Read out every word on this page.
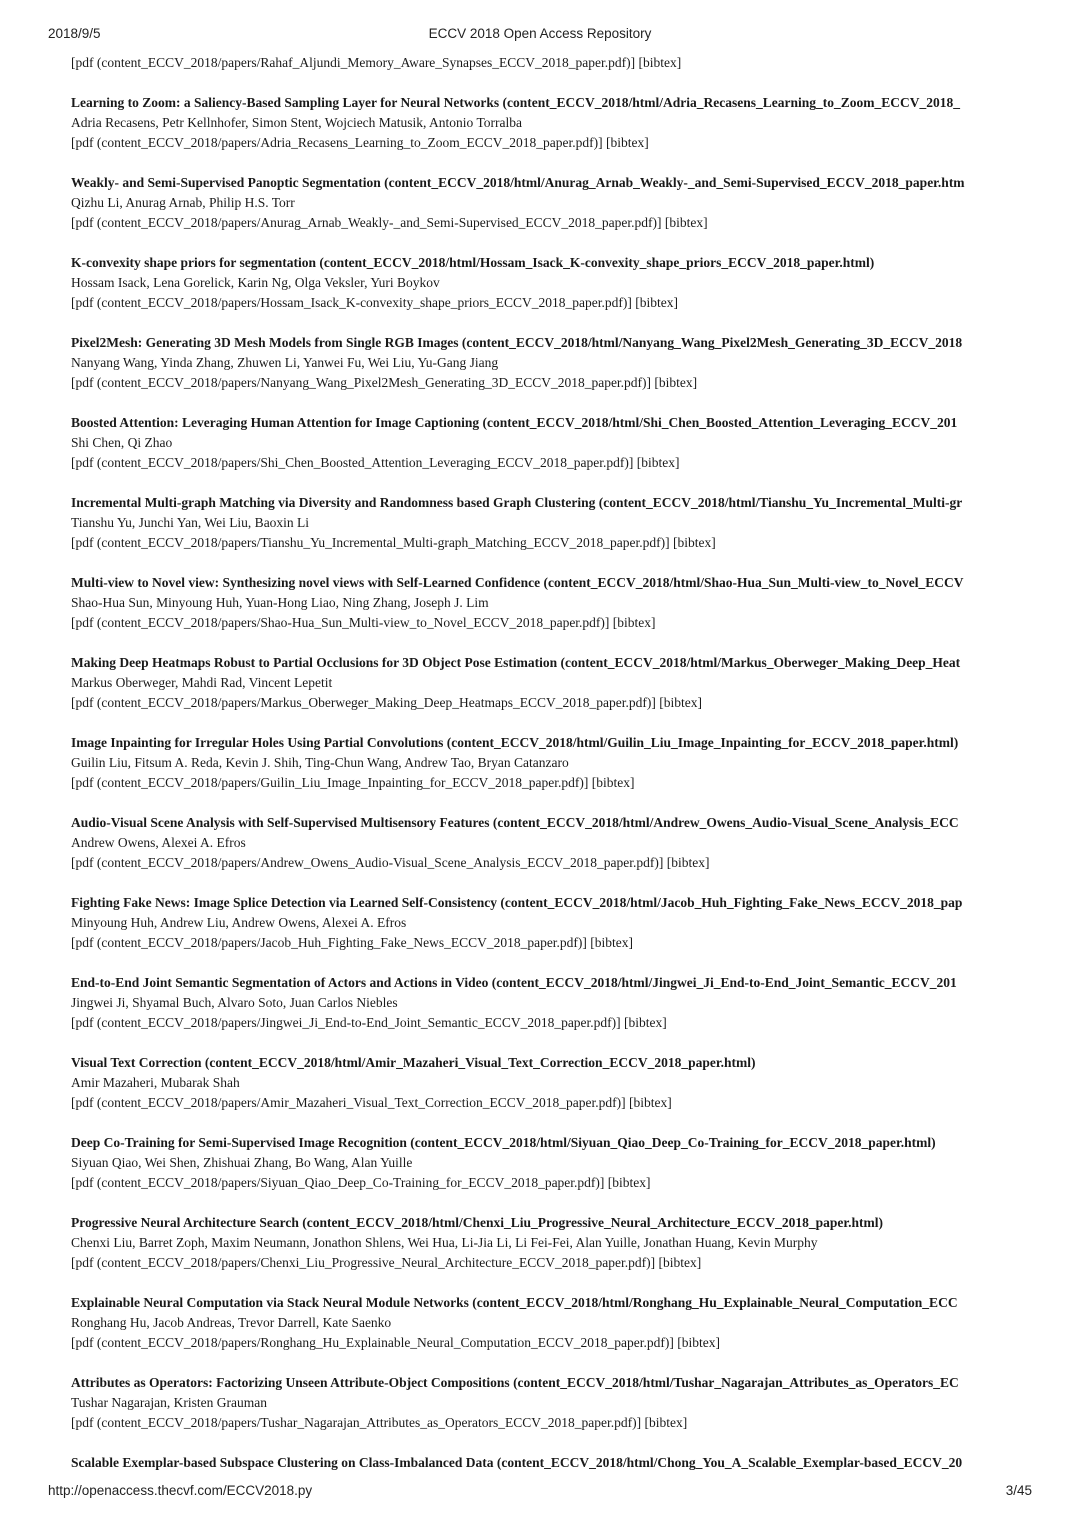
2018/9/5	ECCV 2018 Open Access Repository
[pdf (content_ECCV_2018/papers/Rahaf_Aljundi_Memory_Aware_Synapses_ECCV_2018_paper.pdf)] [bibtex]
Learning to Zoom: a Saliency-Based Sampling Layer for Neural Networks (content_ECCV_2018/html/Adria_Recasens_Learning_to_Zoom_ECCV_2018_
Adria Recasens, Petr Kellnhofer, Simon Stent, Wojciech Matusik, Antonio Torralba
[pdf (content_ECCV_2018/papers/Adria_Recasens_Learning_to_Zoom_ECCV_2018_paper.pdf)] [bibtex]
Weakly- and Semi-Supervised Panoptic Segmentation (content_ECCV_2018/html/Anurag_Arnab_Weakly-_and_Semi-Supervised_ECCV_2018_paper.htm
Qizhu Li, Anurag Arnab, Philip H.S. Torr
[pdf (content_ECCV_2018/papers/Anurag_Arnab_Weakly-_and_Semi-Supervised_ECCV_2018_paper.pdf)] [bibtex]
K-convexity shape priors for segmentation (content_ECCV_2018/html/Hossam_Isack_K-convexity_shape_priors_ECCV_2018_paper.html)
Hossam Isack, Lena Gorelick, Karin Ng, Olga Veksler, Yuri Boykov
[pdf (content_ECCV_2018/papers/Hossam_Isack_K-convexity_shape_priors_ECCV_2018_paper.pdf)] [bibtex]
Pixel2Mesh: Generating 3D Mesh Models from Single RGB Images (content_ECCV_2018/html/Nanyang_Wang_Pixel2Mesh_Generating_3D_ECCV_2018
Nanyang Wang, Yinda Zhang, Zhuwen Li, Yanwei Fu, Wei Liu, Yu-Gang Jiang
[pdf (content_ECCV_2018/papers/Nanyang_Wang_Pixel2Mesh_Generating_3D_ECCV_2018_paper.pdf)] [bibtex]
Boosted Attention: Leveraging Human Attention for Image Captioning (content_ECCV_2018/html/Shi_Chen_Boosted_Attention_Leveraging_ECCV_201
Shi Chen, Qi Zhao
[pdf (content_ECCV_2018/papers/Shi_Chen_Boosted_Attention_Leveraging_ECCV_2018_paper.pdf)] [bibtex]
Incremental Multi-graph Matching via Diversity and Randomness based Graph Clustering (content_ECCV_2018/html/Tianshu_Yu_Incremental_Multi-gr
Tianshu Yu, Junchi Yan, Wei Liu, Baoxin Li
[pdf (content_ECCV_2018/papers/Tianshu_Yu_Incremental_Multi-graph_Matching_ECCV_2018_paper.pdf)] [bibtex]
Multi-view to Novel view: Synthesizing novel views with Self-Learned Confidence (content_ECCV_2018/html/Shao-Hua_Sun_Multi-view_to_Novel_ECCV
Shao-Hua Sun, Minyoung Huh, Yuan-Hong Liao, Ning Zhang, Joseph J. Lim
[pdf (content_ECCV_2018/papers/Shao-Hua_Sun_Multi-view_to_Novel_ECCV_2018_paper.pdf)] [bibtex]
Making Deep Heatmaps Robust to Partial Occlusions for 3D Object Pose Estimation (content_ECCV_2018/html/Markus_Oberweger_Making_Deep_Heat
Markus Oberweger, Mahdi Rad, Vincent Lepetit
[pdf (content_ECCV_2018/papers/Markus_Oberweger_Making_Deep_Heatmaps_ECCV_2018_paper.pdf)] [bibtex]
Image Inpainting for Irregular Holes Using Partial Convolutions (content_ECCV_2018/html/Guilin_Liu_Image_Inpainting_for_ECCV_2018_paper.html)
Guilin Liu, Fitsum A. Reda, Kevin J. Shih, Ting-Chun Wang, Andrew Tao, Bryan Catanzaro
[pdf (content_ECCV_2018/papers/Guilin_Liu_Image_Inpainting_for_ECCV_2018_paper.pdf)] [bibtex]
Audio-Visual Scene Analysis with Self-Supervised Multisensory Features (content_ECCV_2018/html/Andrew_Owens_Audio-Visual_Scene_Analysis_ECC
Andrew Owens, Alexei A. Efros
[pdf (content_ECCV_2018/papers/Andrew_Owens_Audio-Visual_Scene_Analysis_ECCV_2018_paper.pdf)] [bibtex]
Fighting Fake News: Image Splice Detection via Learned Self-Consistency (content_ECCV_2018/html/Jacob_Huh_Fighting_Fake_News_ECCV_2018_pap
Minyoung Huh, Andrew Liu, Andrew Owens, Alexei A. Efros
[pdf (content_ECCV_2018/papers/Jacob_Huh_Fighting_Fake_News_ECCV_2018_paper.pdf)] [bibtex]
End-to-End Joint Semantic Segmentation of Actors and Actions in Video (content_ECCV_2018/html/Jingwei_Ji_End-to-End_Joint_Semantic_ECCV_201
Jingwei Ji, Shyamal Buch, Alvaro Soto, Juan Carlos Niebles
[pdf (content_ECCV_2018/papers/Jingwei_Ji_End-to-End_Joint_Semantic_ECCV_2018_paper.pdf)] [bibtex]
Visual Text Correction (content_ECCV_2018/html/Amir_Mazaheri_Visual_Text_Correction_ECCV_2018_paper.html)
Amir Mazaheri, Mubarak Shah
[pdf (content_ECCV_2018/papers/Amir_Mazaheri_Visual_Text_Correction_ECCV_2018_paper.pdf)] [bibtex]
Deep Co-Training for Semi-Supervised Image Recognition (content_ECCV_2018/html/Siyuan_Qiao_Deep_Co-Training_for_ECCV_2018_paper.html)
Siyuan Qiao, Wei Shen, Zhishuai Zhang, Bo Wang, Alan Yuille
[pdf (content_ECCV_2018/papers/Siyuan_Qiao_Deep_Co-Training_for_ECCV_2018_paper.pdf)] [bibtex]
Progressive Neural Architecture Search (content_ECCV_2018/html/Chenxi_Liu_Progressive_Neural_Architecture_ECCV_2018_paper.html)
Chenxi Liu, Barret Zoph, Maxim Neumann, Jonathon Shlens, Wei Hua, Li-Jia Li, Li Fei-Fei, Alan Yuille, Jonathan Huang, Kevin Murphy
[pdf (content_ECCV_2018/papers/Chenxi_Liu_Progressive_Neural_Architecture_ECCV_2018_paper.pdf)] [bibtex]
Explainable Neural Computation via Stack Neural Module Networks (content_ECCV_2018/html/Ronghang_Hu_Explainable_Neural_Computation_ECC
Ronghang Hu, Jacob Andreas, Trevor Darrell, Kate Saenko
[pdf (content_ECCV_2018/papers/Ronghang_Hu_Explainable_Neural_Computation_ECCV_2018_paper.pdf)] [bibtex]
Attributes as Operators: Factorizing Unseen Attribute-Object Compositions (content_ECCV_2018/html/Tushar_Nagarajan_Attributes_as_Operators_EC
Tushar Nagarajan, Kristen Grauman
[pdf (content_ECCV_2018/papers/Tushar_Nagarajan_Attributes_as_Operators_ECCV_2018_paper.pdf)] [bibtex]
Scalable Exemplar-based Subspace Clustering on Class-Imbalanced Data (content_ECCV_2018/html/Chong_You_A_Scalable_Exemplar-based_ECCV_20
http://openaccess.thecvf.com/ECCV2018.py	3/45
